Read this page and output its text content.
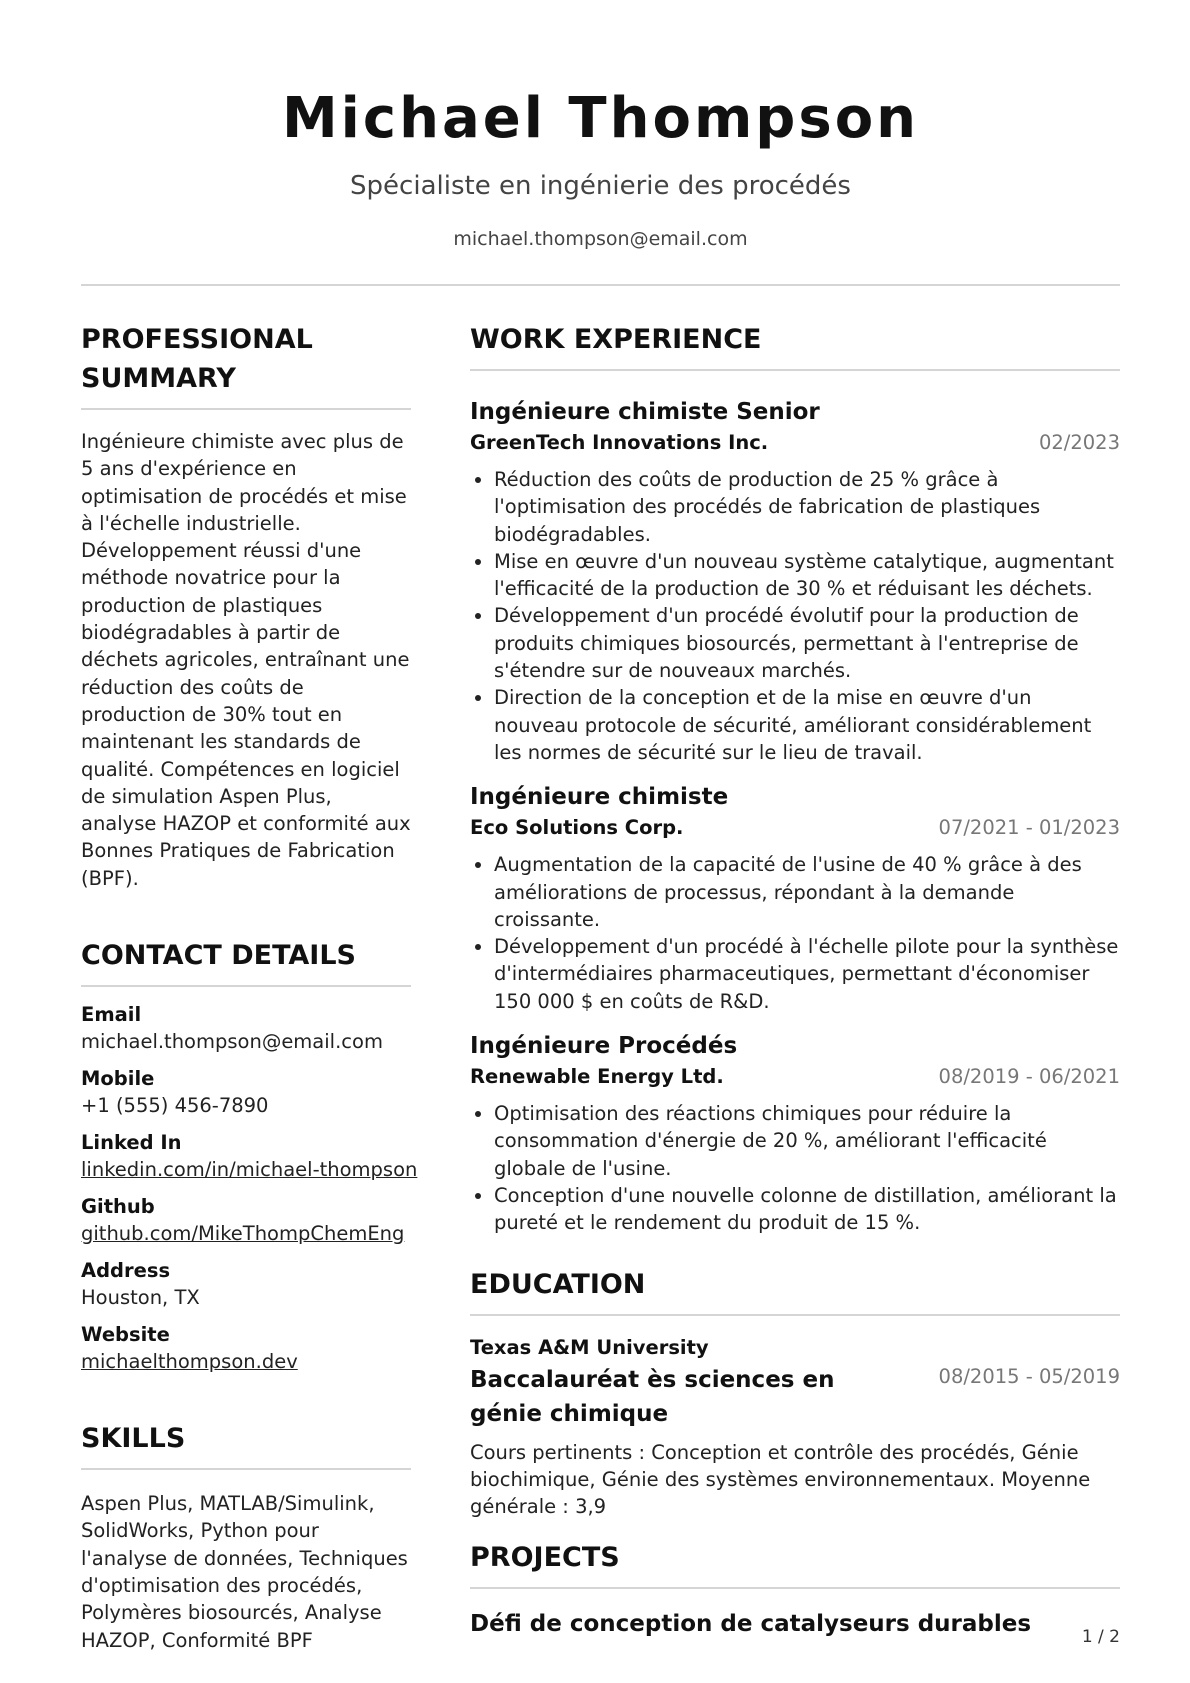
Michael Thompson
Spécialiste en ingénierie des procédés
michael.thompson@email.com
PROFESSIONAL SUMMARY
Ingénieure chimiste avec plus de 5 ans d'expérience en optimisation de procédés et mise à l'échelle industrielle. Développement réussi d'une méthode novatrice pour la production de plastiques biodégradables à partir de déchets agricoles, entraînant une réduction des coûts de production de 30% tout en maintenant les standards de qualité. Compétences en logiciel de simulation Aspen Plus, analyse HAZOP et conformité aux Bonnes Pratiques de Fabrication (BPF).
CONTACT DETAILS
Email
michael.thompson@email.com
Mobile
+1 (555) 456-7890
Linked In
linkedin.com/in/michael-thompson
Github
github.com/MikeThompChemEng
Address
Houston, TX
Website
michaelthompson.dev
SKILLS
Aspen Plus, MATLAB/Simulink, SolidWorks, Python pour l'analyse de données, Techniques d'optimisation des procédés, Polymères biosourcés, Analyse HAZOP, Conformité BPF
WORK EXPERIENCE
Ingénieure chimiste Senior
GreenTech Innovations Inc.	02/2023
• Réduction des coûts de production de 25 % grâce à l'optimisation des procédés de fabrication de plastiques biodégradables.
• Mise en œuvre d'un nouveau système catalytique, augmentant l'efficacité de la production de 30 % et réduisant les déchets.
• Développement d'un procédé évolutif pour la production de produits chimiques biosourcés, permettant à l'entreprise de s'étendre sur de nouveaux marchés.
• Direction de la conception et de la mise en œuvre d'un nouveau protocole de sécurité, améliorant considérablement les normes de sécurité sur le lieu de travail.
Ingénieure chimiste
Eco Solutions Corp.	07/2021 - 01/2023
• Augmentation de la capacité de l'usine de 40 % grâce à des améliorations de processus, répondant à la demande croissante.
• Développement d'un procédé à l'échelle pilote pour la synthèse d'intermédiaires pharmaceutiques, permettant d'économiser 150 000 $ en coûts de R&D.
Ingénieure Procédés
Renewable Energy Ltd.	08/2019 - 06/2021
• Optimisation des réactions chimiques pour réduire la consommation d'énergie de 20 %, améliorant l'efficacité globale de l'usine.
• Conception d'une nouvelle colonne de distillation, améliorant la pureté et le rendement du produit de 15 %.
EDUCATION
Texas A&M University
Baccalauréat ès sciences en génie chimique
08/2015 - 05/2019
Cours pertinents : Conception et contrôle des procédés, Génie biochimique, Génie des systèmes environnementaux. Moyenne générale : 3,9
PROJECTS
Défi de conception de catalyseurs durables	1 / 2
